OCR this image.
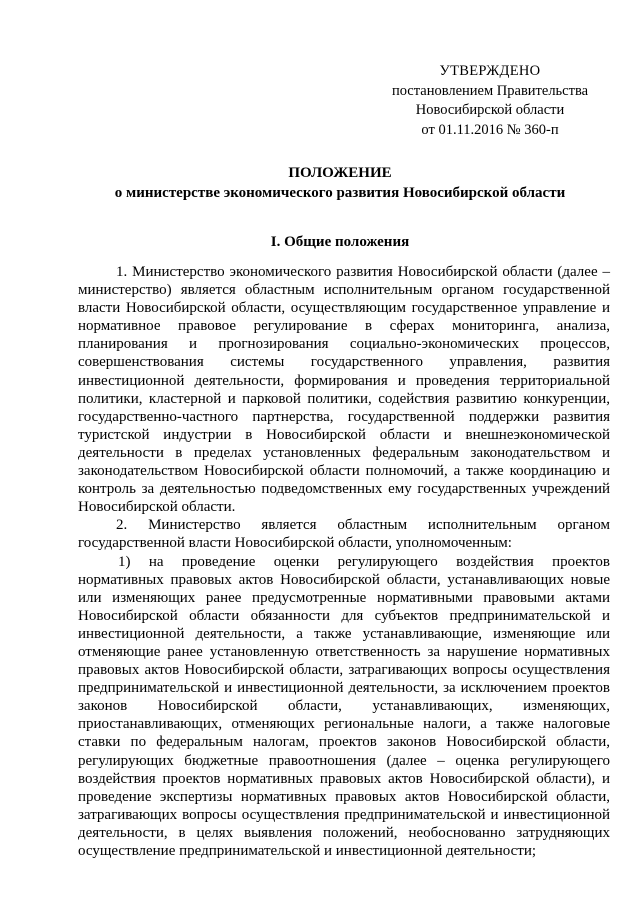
УТВЕРЖДЕНО
постановлением Правительства
Новосибирской области
от 01.11.2016 № 360-п
ПОЛОЖЕНИЕ
о министерстве экономического развития Новосибирской области
I. Общие положения

1. Министерство экономического развития Новосибирской области (далее – министерство) является областным исполнительным органом государственной власти Новосибирской области, осуществляющим государственное управление и нормативное правовое регулирование в сферах мониторинга, анализа, планирования и прогнозирования социально-экономических процессов, совершенствования системы государственного управления, развития инвестиционной деятельности, формирования и проведения территориальной политики, кластерной и парковой политики, содействия развитию конкуренции, государственно-частного партнерства, государственной поддержки развития туристской индустрии в Новосибирской области и внешнеэкономической деятельности в пределах установленных федеральным законодательством и законодательством Новосибирской области полномочий, а также координацию и контроль за деятельностью подведомственных ему государственных учреждений Новосибирской области.

2. Министерство является областным исполнительным органом государственной власти Новосибирской области, уполномоченным:

1) на проведение оценки регулирующего воздействия проектов нормативных правовых актов Новосибирской области, устанавливающих новые или изменяющих ранее предусмотренные нормативными правовыми актами Новосибирской области обязанности для субъектов предпринимательской и инвестиционной деятельности, а также устанавливающие, изменяющие или отменяющие ранее установленную ответственность за нарушение нормативных правовых актов Новосибирской области, затрагивающих вопросы осуществления предпринимательской и инвестиционной деятельности, за исключением проектов законов Новосибирской области, устанавливающих, изменяющих, приостанавливающих, отменяющих региональные налоги, а также налоговые ставки по федеральным налогам, проектов законов Новосибирской области, регулирующих бюджетные правоотношения (далее – оценка регулирующего воздействия проектов нормативных правовых актов Новосибирской области), и проведение экспертизы нормативных правовых актов Новосибирской области, затрагивающих вопросы осуществления предпринимательской и инвестиционной деятельности, в целях выявления положений, необоснованно затрудняющих осуществление предпринимательской и инвестиционной деятельности;
